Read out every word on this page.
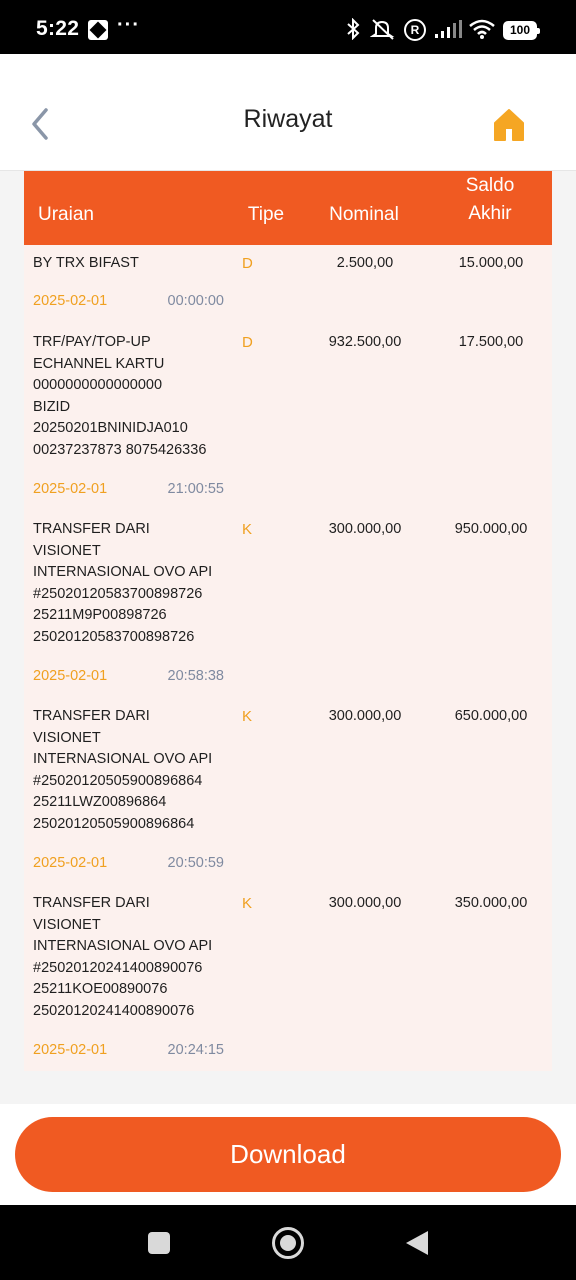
5:22 ···	R	100
Riwayat
Uraian	Tipe	Nominal
Saldo
Akhir
BY TRX BIFAST	D	2.500,00	15.000,00
2025-02-01	00:00:00
TRF/PAY/TOP-UP
ECHANNEL KARTU
0000000000000000
BIZID
20250201BNINIDJA010
00237237873 8075426336
D	932.500,00	17.500,00
2025-02-01	21:00:55
TRANSFER DARI
VISIONET
INTERNASIONAL OVO API
#25020120583700898726
25211M9P00898726
25020120583700898726
K	300.000,00	950.000,00
2025-02-01	20:58:38
TRANSFER DARI
VISIONET
INTERNASIONAL OVO API
#25020120505900896864
25211LWZ00896864
25020120505900896864
K	300.000,00	650.000,00
2025-02-01	20:50:59
TRANSFER DARI
VISIONET
INTERNASIONAL OVO API
#25020120241400890076
25211KOE00890076
25020120241400890076
K	300.000,00	350.000,00
2025-02-01	20:24:15
Download
